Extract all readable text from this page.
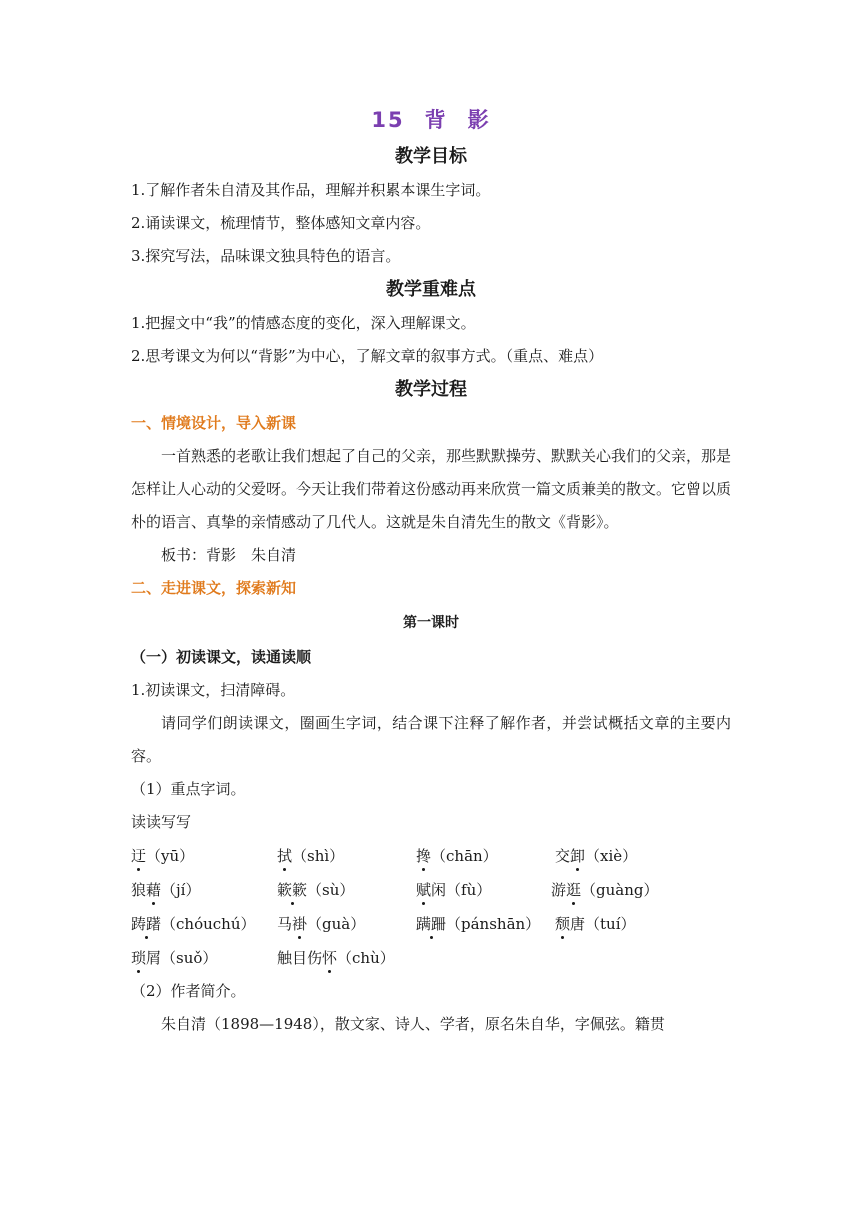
15 背 影
教学目标

1.了解作者朱自清及其作品，理解并积累本课生字词。

2.诵读课文，梳理情节，整体感知文章内容。

3.探究写法，品味课文独具特色的语言。

教学重难点

1.把握文中“我”的情感态度的变化，深入理解课文。

2.思考课文为何以“背影”为中心，了解文章的叙事方式。（重点、难点）

教学过程

一、情境设计，导入新课

一首熟悉的老歌让我们想起了自己的父亲，那些默默操劳、默默关心我们的父亲，那是怎样让人心动的父爱呀。今天让我们带着这份感动再来欣赏一篇文质兼美的散文。它曾以质朴的语言、真挚的亲情感动了几代人。这就是朱自清先生的散文《背影》。

板书：背影　朱自清

二、走进课文，探索新知

第一课时

（一）初读课文，读通读顺

1.初读课文，扫清障碍。

请同学们朗读课文，圈画生字词，结合课下注释了解作者，并尝试概括文章的主要内容。

（1）重点字词。

读读写写

迂（yū）	拭（shì）	搀（chān）	交卸（xiè）
狼藉（jí）	簌簌（sù）	赋闲（fù）	游逛（guàng）
踌躇（chóuchú） 马褂（guà）	蹒跚（pánshān） 颓唐（tuí）
琐屑（suǒ）	触目伤怀（chù）

（2）作者简介。

朱自清（1898—1948），散文家、诗人、学者，原名朱自华，字佩弦。籍贯
